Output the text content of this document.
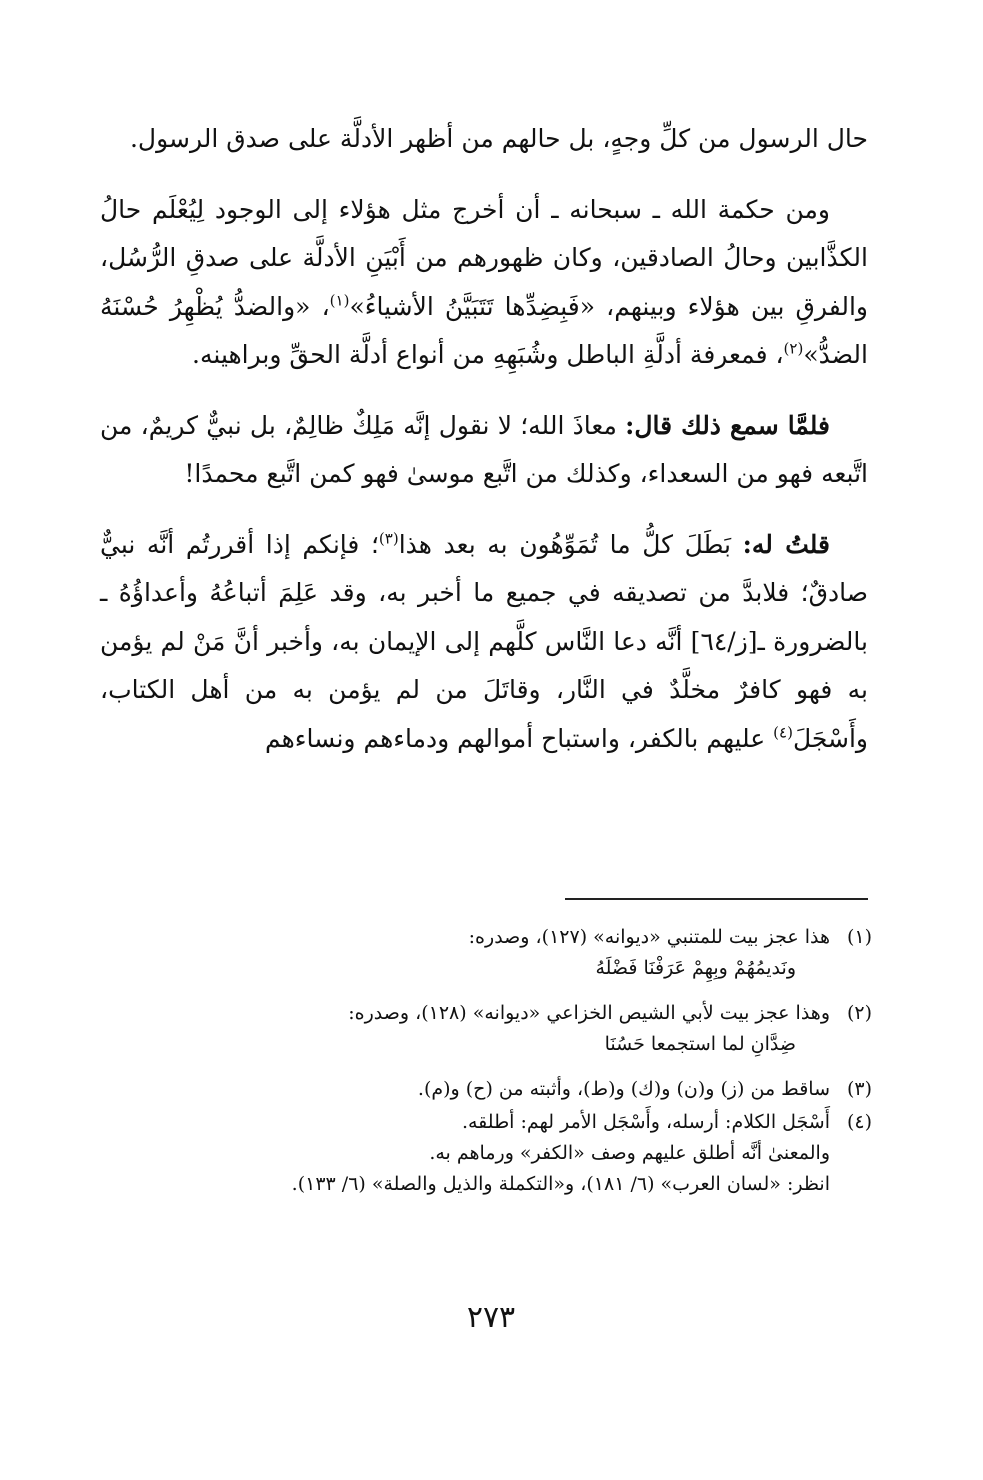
حال الرسول من كلِّ وجهٍ، بل حالهم من أظهر الأدلَّة على صدق الرسول.

ومن حكمة الله ـ سبحانه ـ أن أخرج مثل هؤلاء إلى الوجود لِيُعْلَم حالُ الكذَّابين وحالُ الصادقين، وكان ظهورهم من أَبْيَنِ الأدلَّة على صدقِ الرُّسُل، والفرقِ بين هؤلاء وبينهم، «فَبِضِدِّها تَتَبَيَّنُ الأشياءُ»$^{(١)}$، «والضدُّ يُظْهِرُ حُسْنَهُ الضدُّ»$^{(٢)}$، فمعرفة أدلَّةِ الباطل وشُبَهِهِ من أنواع أدلَّة الحقِّ وبراهينه.

فلمَّا سمع ذلك قال: معاذَ الله؛ لا نقول إنَّه مَلِكٌ ظالِمٌ، بل نبيٌّ كريمٌ، من اتَّبعه فهو من السعداء، وكذلك من اتَّبع موسىٰ فهو كمن اتَّبع محمدًا!

قلتُ له: بَطَلَ كلُّ ما تُمَوِّهُون به بعد هذا$^{(٣)}$؛ فإنكم إذا أقررتُم أنَّه نبيٌّ صادقٌ؛ فلابدَّ من تصديقه في جميع ما أخبر به، وقد عَلِمَ أتباعُهُ وأعداؤُهُ ـ بالضرورة ـ[ز/٦٤] أنَّه دعا النَّاس كلَّهم إلى الإيمان به، وأخبر أنَّ مَنْ لم يؤمن به فهو كافرٌ مخلَّدٌ في النَّار، وقاتَلَ من لم يؤمن به من أهل الكتاب، وأَسْجَلَ$^{(٤)}$ عليهم بالكفر، واستباح أموالهم ودماءهم ونساءهم

(١)
هذا عجز بيت للمتنبي «ديوانه» (١٢٧)، وصدره:
ونَديمُهُمْ وبِهِمْ عَرَفْنَا فَضْلَهُ
(٢)
وهذا عجز بيت لأبي الشيص الخزاعي «ديوانه» (١٢٨)، وصدره:
ضِدَّانِ لما استجمعا حَسُنَا
(٣)
ساقط من (ز) و(ن) و(ك) و(ط)، وأثبته من (ح) و(م).
(٤)
أَسْجَل الكلام: أرسله، وأَسْجَل الأمر لهم: أطلقه.
والمعنىٰ أنَّه أطلق عليهم وصف «الكفر» ورماهم به.
انظر: «لسان العرب» (٦/ ١٨١)، و«التكملة والذيل والصلة» (٦/ ١٣٣).
٢٧٣
